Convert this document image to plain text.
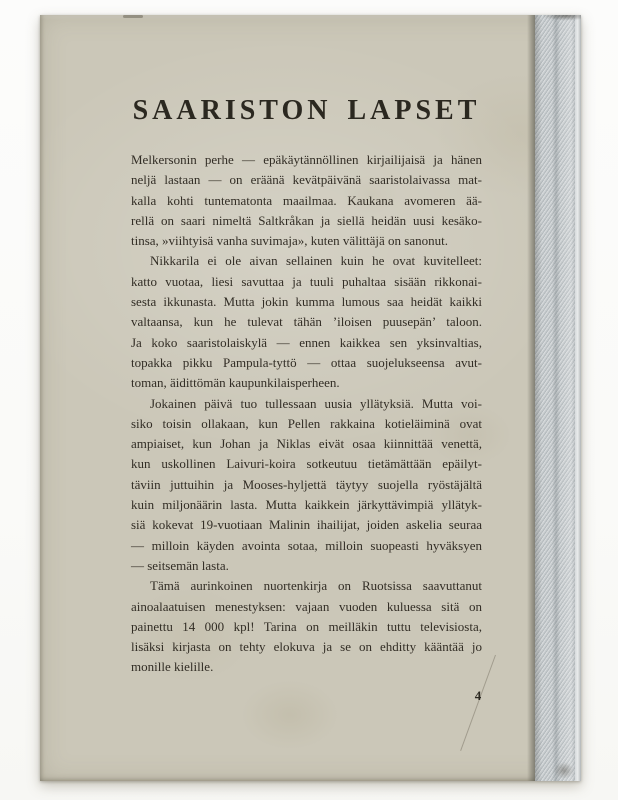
SAARISTON LAPSET
Melkersonin perhe — epäkäytännöllinen kirjailijaisä ja hänen
neljä lastaan — on eräänä kevätpäivänä saaristolaivassa mat-
kalla kohti tuntematonta maailmaa. Kaukana avomeren ää-
rellä on saari nimeltä Saltkråkan ja siellä heidän uusi kesäko-
tinsa, »viihtyisä vanha suvimaja», kuten välittäjä on sanonut.
Nikkarila ei ole aivan sellainen kuin he ovat kuvitelleet:
katto vuotaa, liesi savuttaa ja tuuli puhaltaa sisään rikkonai-
sesta ikkunasta. Mutta jokin kumma lumous saa heidät kaikki
valtaansa, kun he tulevat tähän ’iloisen puusepän’ taloon.
Ja koko saaristolaiskylä — ennen kaikkea sen yksinvaltias,
topakka pikku Pampula-tyttö — ottaa suojelukseensa avut-
toman, äidittömän kaupunkilaisperheen.
Jokainen päivä tuo tullessaan uusia yllätyksiä. Mutta voi-
siko toisin ollakaan, kun Pellen rakkaina kotieläiminä ovat
ampiaiset, kun Johan ja Niklas eivät osaa kiinnittää venettä,
kun uskollinen Laivuri-koira sotkeutuu tietämättään epäilyt-
täviin juttuihin ja Mooses-hyljettä täytyy suojella ryöstäjältä
kuin miljonäärin lasta. Mutta kaikkein järkyttävimpiä yllätyk-
siä kokevat 19-vuotiaan Malinin ihailijat, joiden askelia seuraa
— milloin käyden avointa sotaa, milloin suopeasti hyväksyen
— seitsemän lasta.
Tämä aurinkoinen nuortenkirja on Ruotsissa saavuttanut
ainoalaatuisen menestyksen: vajaan vuoden kuluessa sitä on
painettu 14 000 kpl! Tarina on meilläkin tuttu televisiosta,
lisäksi kirjasta on tehty elokuva ja se on ehditty kääntää jo
monille kielille.
4
